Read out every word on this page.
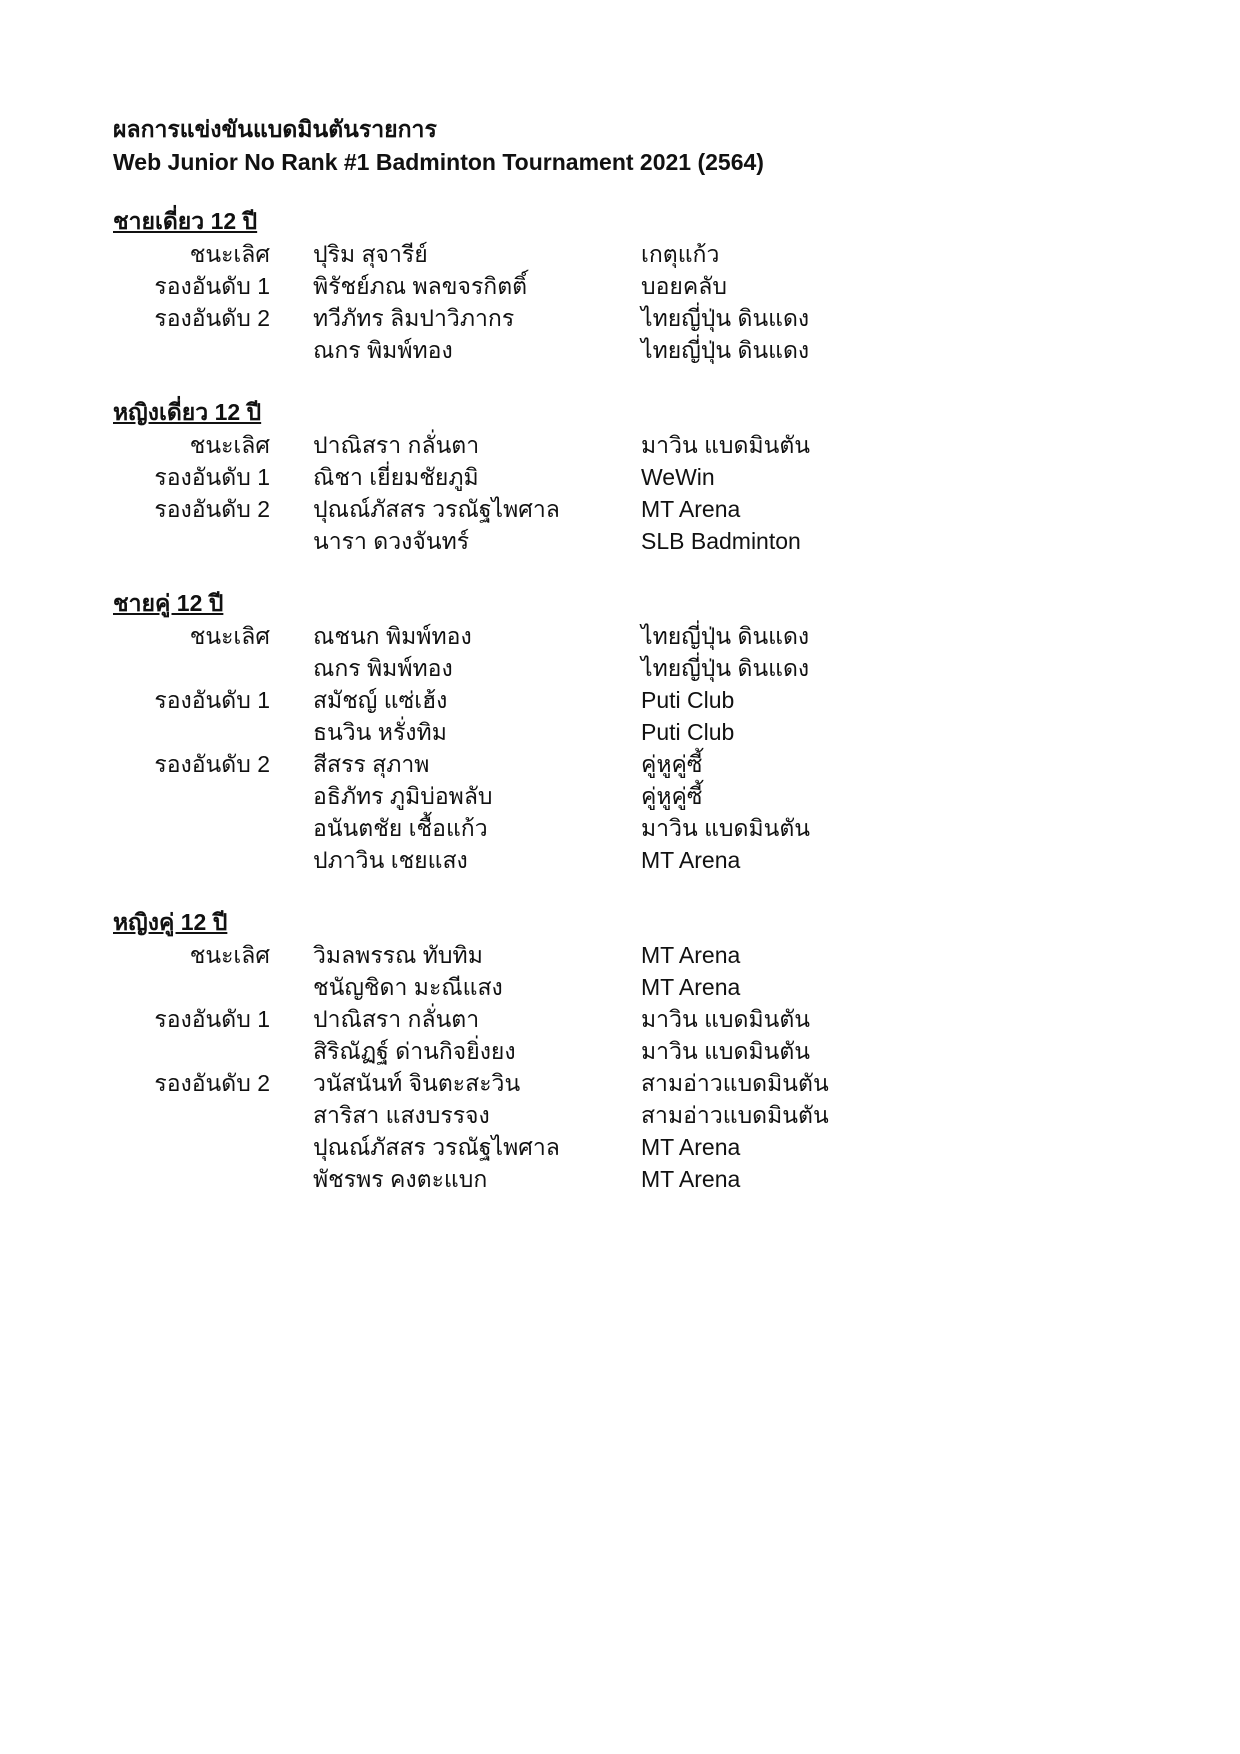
ผลการแข่งขันแบดมินตันรายการ
Web Junior No Rank #1 Badminton Tournament 2021 (2564)
ชายเดี่ยว 12 ปี
ชนะเลิศ ปุริม สุจารีย์	เกตุแก้ว
รองอันดับ 1 พิรัชย์ภณ พลขจรกิตติ์	บอยคลับ
รองอันดับ 2 ทวีภัทร ลิมปาวิภากร	ไทยญี่ปุ่น ดินแดง
ณกร พิมพ์ทอง	ไทยญี่ปุ่น ดินแดง
หญิงเดี่ยว 12 ปี
ชนะเลิศ ปาณิสรา กลั่นตา	มาวิน แบดมินตัน
รองอันดับ 1 ณิชา เยี่ยมชัยภูมิ	WeWin
รองอันดับ 2 ปุณณ์ภัสสร วรณัฐไพศาล	MT Arena
นารา ดวงจันทร์	SLB Badminton
ชายคู่ 12 ปี
ชนะเลิศ ณชนก พิมพ์ทอง	ไทยญี่ปุ่น ดินแดง
ณกร พิมพ์ทอง	ไทยญี่ปุ่น ดินแดง
รองอันดับ 1 สมัชญ์ แซ่เฮ้ง	Puti Club
ธนวิน หรั่งทิม	Puti Club
รองอันดับ 2 สีสรร สุภาพ	คู่หูคู่ซี้
อธิภัทร ภูมิบ่อพลับ	คู่หูคู่ซี้
อนันตชัย เชื้อแก้ว	มาวิน แบดมินตัน
ปภาวิน เชยแสง	MT Arena
หญิงคู่ 12 ปี
ชนะเลิศ วิมลพรรณ ทับทิม	MT Arena
ชนัญชิดา มะณีแสง	MT Arena
รองอันดับ 1 ปาณิสรา กลั่นตา	มาวิน แบดมินตัน
สิริณัฏฐ์ ด่านกิจยิ่งยง	มาวิน แบดมินตัน
รองอันดับ 2 วนัสนันท์ จินตะสะวิน	สามอ่าวแบดมินตัน
สาริสา แสงบรรจง	สามอ่าวแบดมินตัน
ปุณณ์ภัสสร วรณัฐไพศาล	MT Arena
พัชรพร คงตะแบก	MT Arena
